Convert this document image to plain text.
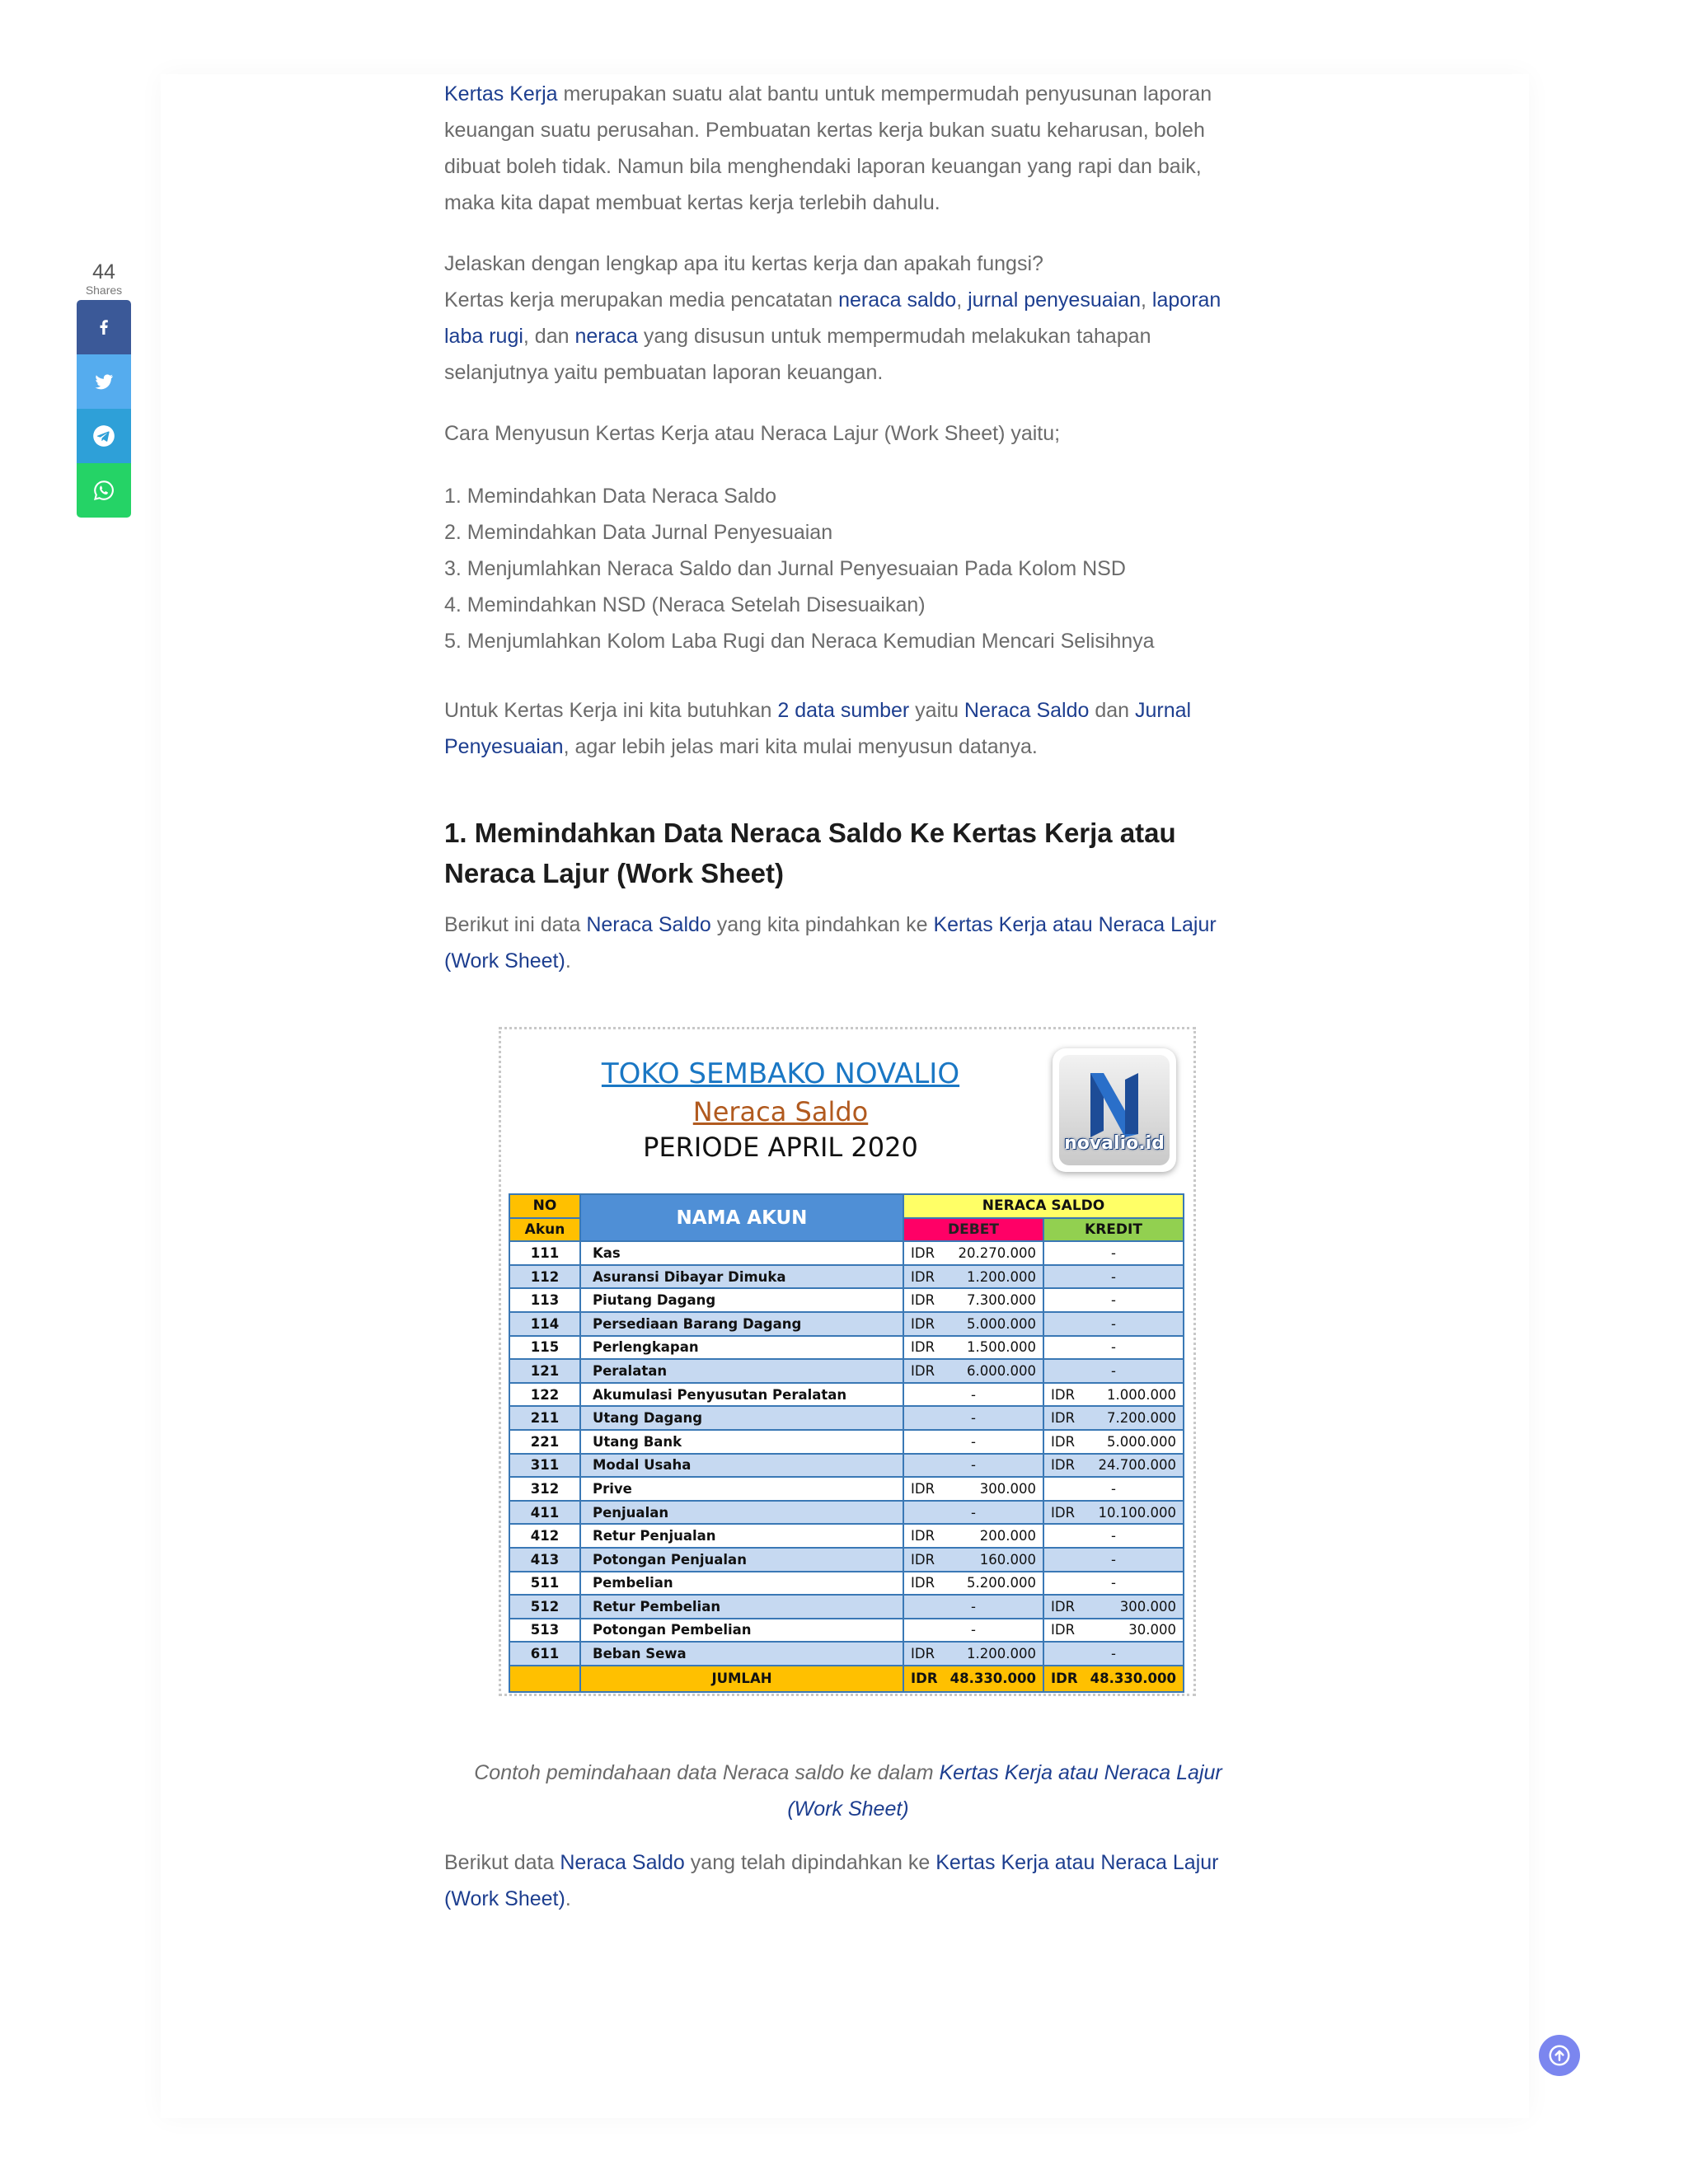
44
Shares

Kertas Kerja merupakan suatu alat bantu untuk mempermudah penyusunan laporan keuangan suatu perusahan. Pembuatan kertas kerja bukan suatu keharusan, boleh dibuat boleh tidak. Namun bila menghendaki laporan keuangan yang rapi dan baik, maka kita dapat membuat kertas kerja terlebih dahulu.

Jelaskan dengan lengkap apa itu kertas kerja dan apakah fungsi?
Kertas kerja merupakan media pencatatan neraca saldo, jurnal penyesuaian, laporan laba rugi, dan neraca yang disusun untuk mempermudah melakukan tahapan selanjutnya yaitu pembuatan laporan keuangan.

Cara Menyusun Kertas Kerja atau Neraca Lajur (Work Sheet) yaitu;

1. Memindahkan Data Neraca Saldo
2. Memindahkan Data Jurnal Penyesuaian
3. Menjumlahkan Neraca Saldo dan Jurnal Penyesuaian Pada Kolom NSD
4. Memindahkan NSD (Neraca Setelah Disesuaikan)
5. Menjumlahkan Kolom Laba Rugi dan Neraca Kemudian Mencari Selisihnya

Untuk Kertas Kerja ini kita butuhkan 2 data sumber yaitu Neraca Saldo dan Jurnal Penyesuaian, agar lebih jelas mari kita mulai menyusun datanya.

1. Memindahkan Data Neraca Saldo Ke Kertas Kerja atau Neraca Lajur (Work Sheet)

Berikut ini data Neraca Saldo yang kita pindahkan ke Kertas Kerja atau Neraca Lajur (Work Sheet).

TOKO SEMBAKO NOVALIO
Neraca Saldo
PERIODE APRIL 2020	novalio.id
NO	NAMA AKUN	NERACA SALDO	
Akun		DEBET	KREDIT
111	Kas	IDR 20.270.000	-
112	Asuransi Dibayar Dimuka	IDR 1.200.000	-
113	Piutang Dagang	IDR 7.300.000	-
114	Persediaan Barang Dagang	IDR 5.000.000	-
115	Perlengkapan	IDR 1.500.000	-
121	Peralatan	IDR 6.000.000	-
122	Akumulasi Penyusutan Peralatan	-	IDR 1.000.000

211	Utang Dagang	-	IDR 7.200.000

221	Utang Bank	-	IDR 5.000.000

311	Modal Usaha	-	IDR 24.700.000

312	Prive	IDR 300.000	-
411	Penjualan	-	IDR 10.100.000

412	Retur Penjualan	IDR 200.000	-
413	Potongan Penjualan	IDR 160.000	-
511	Pembelian	IDR 5.200.000	-
512	Retur Pembelian	-	IDR 300.000

513	Potongan Pembelian	-	IDR 30.000

611	Beban Sewa	IDR 1.200.000	-
	JUMLAH	IDR 48.330.000	IDR 48.330.000

Contoh pemindahaan data Neraca saldo ke dalam Kertas Kerja atau Neraca Lajur (Work Sheet)

Berikut data Neraca Saldo yang telah dipindahkan ke Kertas Kerja atau Neraca Lajur (Work Sheet).
